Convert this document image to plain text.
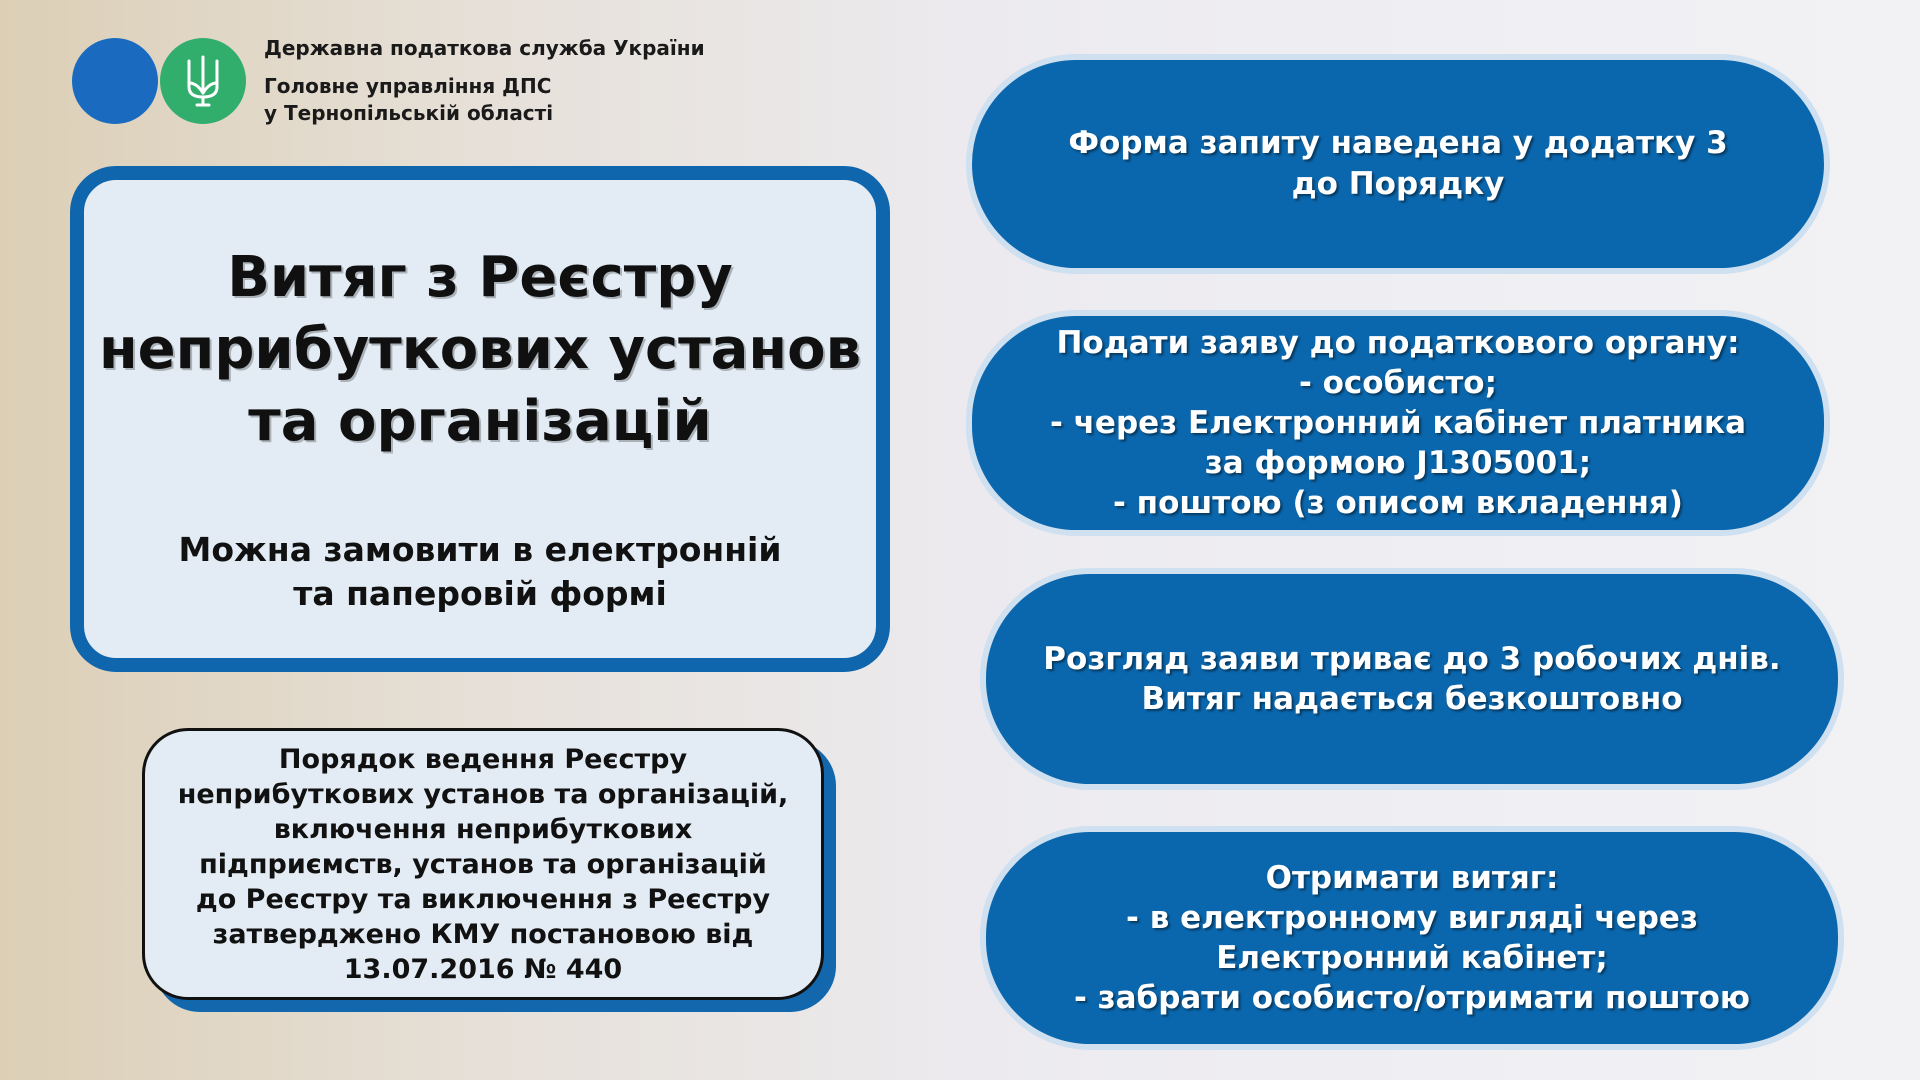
Державна податкова служба України
Головне управління ДПС
у Тернопільській області
Витяг з Реєстру
неприбуткових установ
та організацій
Можна замовити в електронній
та паперовій формі
Порядок ведення Реєстру
неприбуткових установ та організацій,
включення неприбуткових
підприємств, установ та організацій
до Реєстру та виключення з Реєстру
затверджено КМУ постановою від
13.07.2016 № 440
Форма запиту наведена у додатку 3
до Порядку
Подати заяву до податкового органу:
- особисто;
- через Електронний кабінет платника
за формою J1305001;
- поштою (з описом вкладення)
Розгляд заяви триває до 3 робочих днів.
Витяг надається безкоштовно
Отримати витяг:
- в електронному вигляді через
Електронний кабінет;
- забрати особисто/отримати поштою
